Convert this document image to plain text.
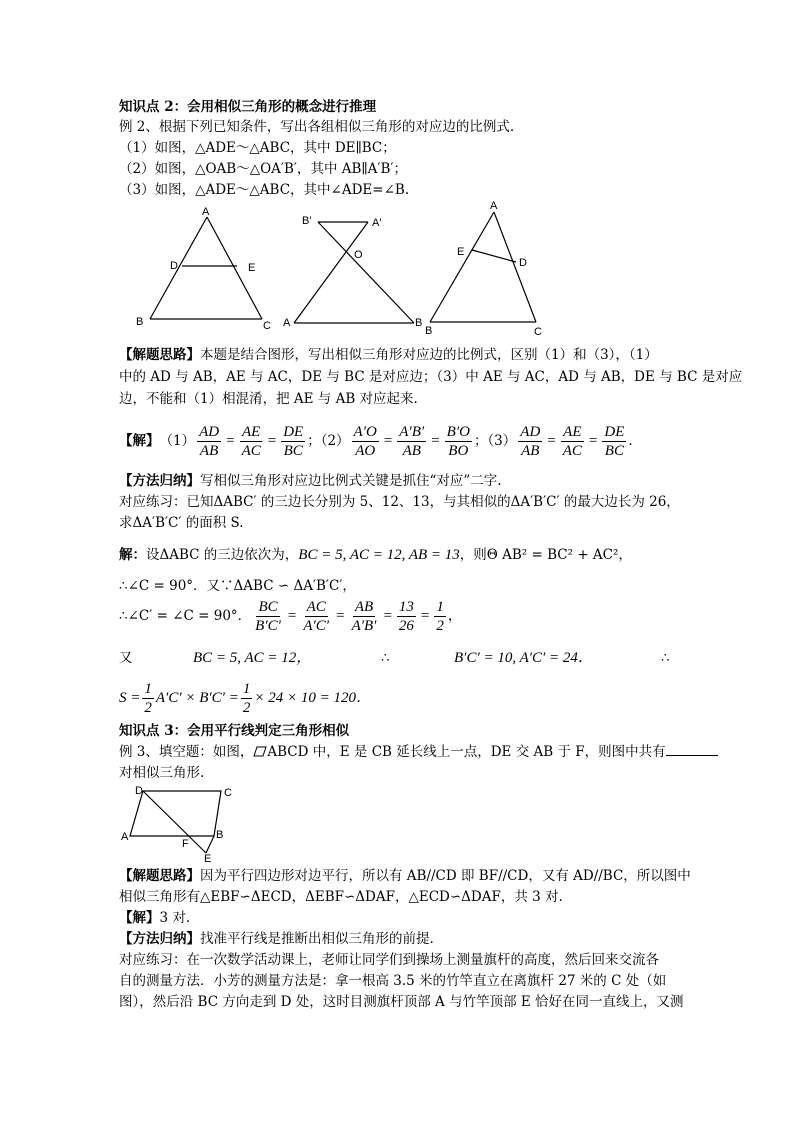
知识点 2：会用相似三角形的概念进行推理
例 2、根据下列已知条件，写出各组相似三角形的对应边的比例式.
（1）如图，△ADE～△ABC，其中 DE∥BC；
（2）如图，△OAB～△OA′B′，其中 AB∥A′B′；
（3）如图，△ADE～△ABC，其中∠ADE=∠B.
A
D	E
B	C
B′	A′
O
A	B
A
E
D
B	C
【解题思路】本题是结合图形，写出相似三角形对应边的比例式，区别（1）和（3），（1）
中的 AD 与 AB，AE 与 AC，DE 与 BC 是对应边；（3）中 AE 与 AC，AD 与 AB，DE 与 BC 是对应
边，不能和（1）相混淆，把 AE 与 AB 对应起来.
【解】 $(1) \frac{AD}{AB} = \frac{AE}{AC} = \frac{DE}{BC}$ ；$(2) \frac{A'O}{AO} = \frac{A'B'}{AB} = \frac{B'O}{BO}$ ；$(3) \frac{AD}{AB} = \frac{AE}{AC} = \frac{DE}{BC}$ .
【方法归纳】写相似三角形对应边比例式关键是抓住“对应”二字.
对应练习：已知ΔABC′ 的三边长分别为 5、12、13，与其相似的ΔA′B′C′ 的最大边长为 26，
求ΔA′B′C′ 的面积 S.
解：设ΔABC 的三边依次为，BC = 5, AC = 12, AB = 13，则Θ AB² = BC² + AC²，
∴∠C = 90°．又∵ΔABC ∽ ΔA′B′C′，
∴∠C′ = ∠C = 90°． $\frac{BC}{B'C'} = \frac{AC}{A'C'} = \frac{AB}{A'B'} = \frac{13}{26} = \frac{1}{2}$ ，
又	BC = 5, AC = 12，	∴	B′C′ = 10, A′C′ = 24．	∴
$S = \frac{1}{2} A'C' \times B'C' = \frac{1}{2} \times 24 \times 10 = 120$．
知识点 3：会用平行线判定三角形相似
例 3、填空题：如图， ABCD 中，E 是 CB 延长线上一点，DE 交 AB 于 F，则图中共有
对相似三角形.
D	C
A	B
F
E
【解题思路】因为平行四边形对边平行，所以有 AB//CD 即 BF//CD，又有 AD//BC，所以图中
相似三角形有△EBF∽ΔECD，ΔEBF∽ΔDAF，△ECD∽ΔDAF，共 3 对.
【解】3 对.
【方法归纳】找准平行线是推断出相似三角形的前提.
对应练习：在一次数学活动课上，老师让同学们到操场上测量旗杆的高度，然后回来交流各
自的测量方法．小芳的测量方法是：拿一根高 3.5 米的竹竿直立在离旗杆 27 米的 C 处（如
图），然后沿 BC 方向走到 D 处，这时目测旗杆顶部 A 与竹竿顶部 E 恰好在同一直线上，又测
